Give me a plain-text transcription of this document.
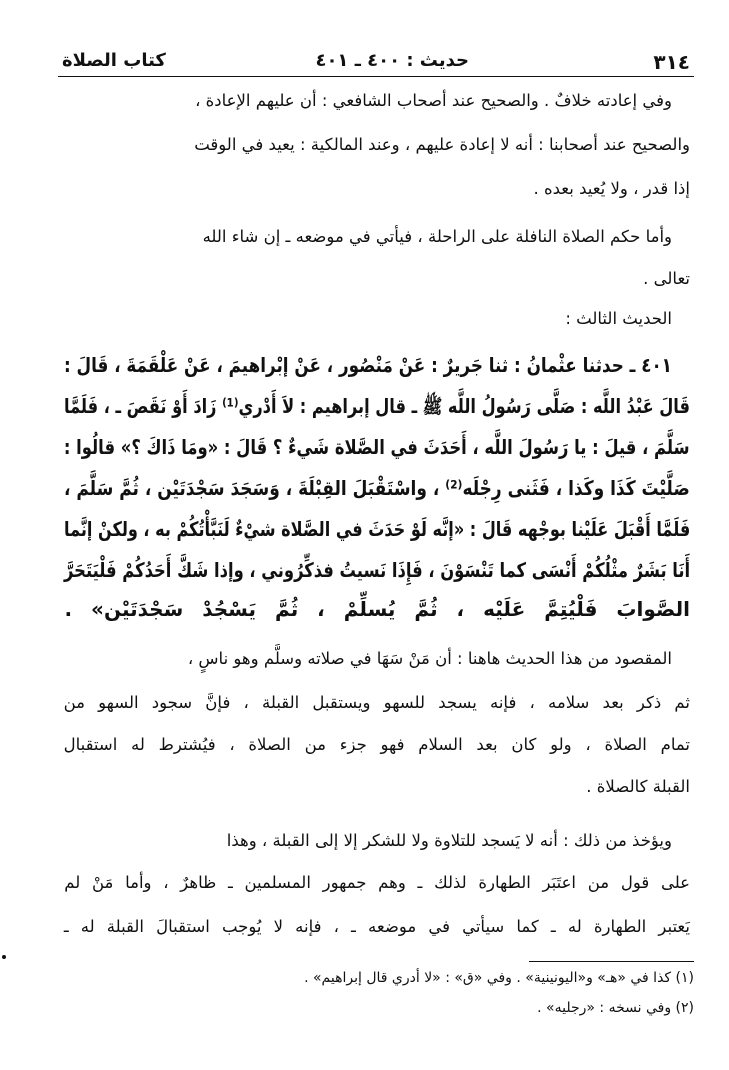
٣١٤
حديث : ٤٠٠ ـ ٤٠١
كتاب الصلاة
وفي إعادته خلافٌ . والصحيح عند أصحاب الشافعي : أن عليهم الإعادة ،
والصحيح عند أصحابنا : أنه لا إعادة عليهم ، وعند المالكية : يعيد في الوقت
إذا قدر ، ولا يُعيد بعده .
وأما حكم الصلاة النافلة على الراحلة ، فيأتي في موضعه ـ إن شاء الله
تعالى .
الحديث الثالث :
٤٠١ ـ حدثنا عثْمانُ : ثنا جَريرٌ : عَنْ مَنْصُور ، عَنْ إبْراهيمَ ، عَنْ عَلْقَمَةَ ، قَالَ :
قَالَ عَبْدُ اللَّه : صَلَّى رَسُولُ اللَّه ﷺ ـ قال إبراهيم : لاَ أَدْري⁽¹⁾ زَادَ أَوْ نَقَصَ ـ ، فَلَمَّا
سَلَّمَ ، قيلَ : يا رَسُولَ اللَّه ، أَحَدَثَ في الصَّلاة شَيءٌ ؟ قَالَ : «ومَا ذَاكَ ؟» قالُوا :
صَلَّيْتَ كَذَا وكَذا ، فَثَنى رِجْلَه⁽²⁾ ، واسْتَقْبَلَ القِبْلَةَ ، وَسَجَدَ سَجْدَتَيْن ، ثُمَّ سَلَّمَ ،
فَلَمَّا أَقْبَلَ عَلَيْنا بوجْهه قَالَ : «إنَّه لَوْ حَدَثَ في الصَّلاة شيْءٌ لَنَبَّأْتُكُمْ به ، ولكنْ إنَّما
أَنَا بَشَرٌ مثْلُكُمْ أَنْسَى كما تَنْسَوْنَ ، فَإِذَا نَسيتُ فذكِّرُوني ، وإذا شَكَّ أَحَدُكُمْ فَلْيَتَحَرَّ
الصَّوابَ فَلْيُتِمَّ عَلَيْه ، ثُمَّ يُسلِّمْ ، ثُمَّ يَسْجُدْ سَجْدَتَيْن» .
المقصود من هذا الحديث هاهنا : أن مَنْ سَهَا في صلاته وسلَّم وهو ناسٍ ،
ثم ذكر بعد سلامه ، فإنه يسجد للسهو ويستقبل القبلة ، فإنَّ سجود السهو من
تمام الصلاة ، ولو كان بعد السلام فهو جزء من الصلاة ، فيُشترط له استقبال
القبلة كالصلاة .
ويؤخذ من ذلك : أنه لا يَسجد للتلاوة ولا للشكر إلا إلى القبلة ، وهذا
على قول من اعتَبَر الطهارة لذلك ـ وهم جمهور المسلمين ـ ظاهرٌ ، وأما مَنْ لم
يَعتبر الطهارة له ـ كما سيأتي في موضعه ـ ، فإنه لا يُوجب استقبالَ القبلة له ـ
(١) كذا في «هـ» و«اليونينية» . وفي «ق» : «لا أدري قال إبراهيم» .
(٢) وفي نسخه : «رجليه» .
